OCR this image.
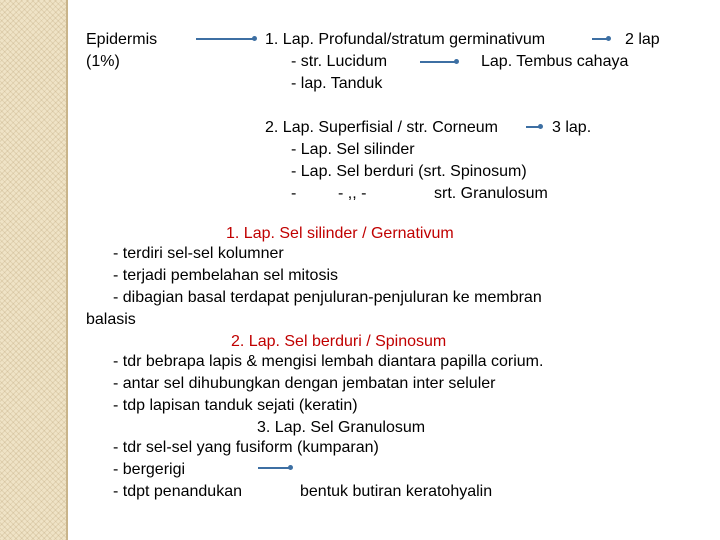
Epidermis
(1%)
1. Lap. Profundal/stratum germinativum	2 lap
- str. Lucidum	Lap. Tembus cahaya
- lap. Tanduk
2. Lap. Superfisial / str. Corneum	3 lap.
- Lap. Sel silinder
- Lap. Sel berduri (srt. Spinosum)
-	- ,, -	srt. Granulosum
1. Lap. Sel silinder / Gernativum
- terdiri sel-sel kolumner
- terjadi pembelahan sel mitosis
- dibagian basal terdapat penjuluran-penjuluran ke membran
balasis
2. Lap. Sel berduri / Spinosum
- tdr bebrapa lapis & mengisi lembah diantara papilla corium.
- antar sel dihubungkan dengan jembatan inter seluler
- tdp lapisan tanduk sejati (keratin)
3. Lap. Sel Granulosum
- tdr sel-sel yang fusiform (kumparan)
- bergerigi
- tdpt penandukan	bentuk butiran keratohyalin
